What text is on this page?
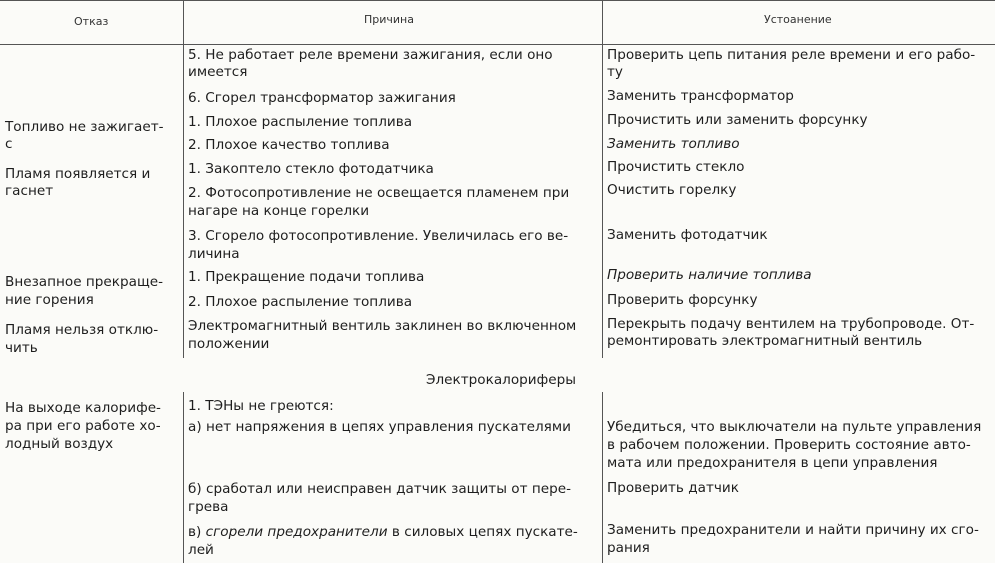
Отказ	Причина	Устоанение
Топливо не зажигает-
с
Пламя появляется и
гаснет
Внезапное прекраще-
ние горения
Пламя нельзя отклю-
чить
5. Не работает реле времени зажигания, если оно
имеется
6. Сгорел трансформатор зажигания
1. Плохое распыление топлива
2. Плохое качество топлива
1. Закоптело стекло фотодатчика
2. Фотосопротивление не освещается пламенем при
нагаре на конце горелки
3. Сгорело фотосопротивление. Увеличилась его ве-
личина
1. Прекращение подачи топлива
2. Плохое распыление топлива
Электромагнитный вентиль заклинен во включенном
положении
Проверить цепь питания реле времени и его рабо-
ту
Заменить трансформатор
Прочистить или заменить форсунку
Заменить топливо
Прочистить стекло
Очистить горелку
Заменить фотодатчик
Проверить наличие топлива
Проверить форсунку
Перекрыть подачу вентилем на трубопроводе. От-
ремонтировать электромагнитный вентиль
Электрокалориферы
На выходе калорифе-
ра при его работе хо-
лодный воздух
1. ТЭНы не греются:
а) нет напряжения в цепях управления пускателями
б) сработал или неисправен датчик защиты от пере-
грева
в) сгорели предохранители в силовых цепях пускате-
лей
Убедиться, что выключатели на пульте управления
в рабочем положении. Проверить состояние авто-
мата или предохранителя в цепи управления
Проверить датчик
Заменить предохранители и найти причину их сго-
рания
